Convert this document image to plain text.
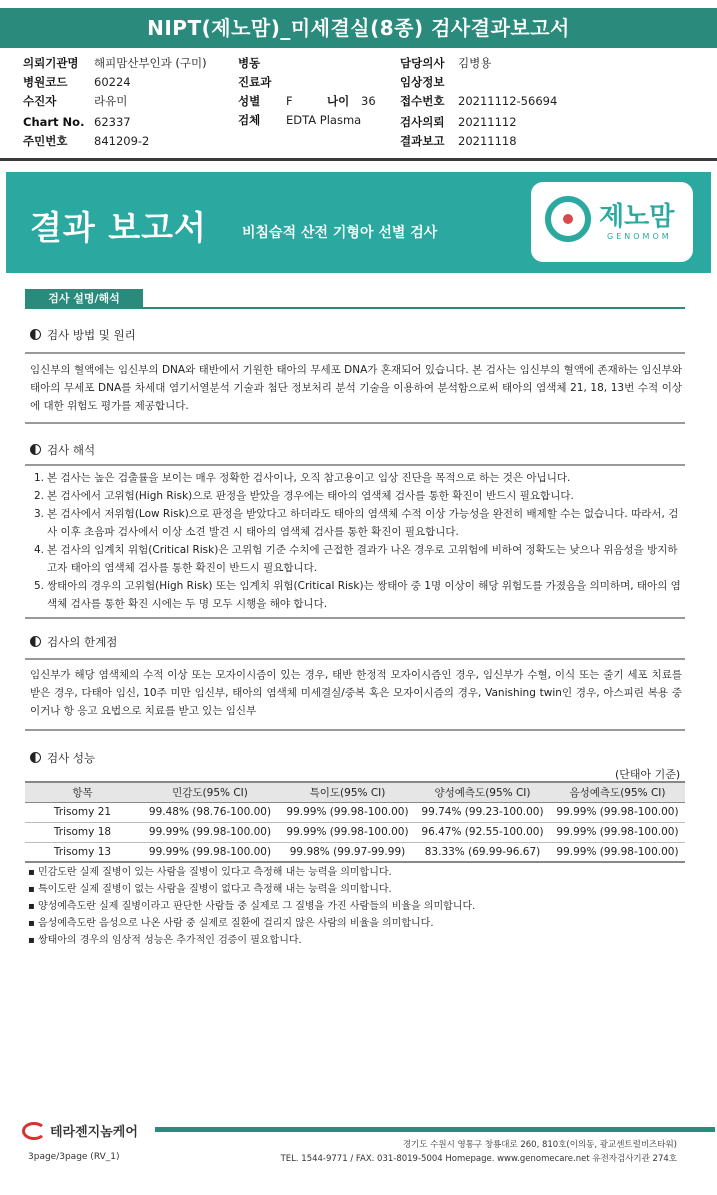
NIPT(제노맘)_미세결실(8종) 검사결과보고서
의뢰기관명 해피맘산부인과 (구미)
병원코드 60224
수진자	라유미
Chart No. 62337
주민번호 841209-2
병동
진료과
성별 F	나이 36
검체 EDTA Plasma
담당의사 김병용
임상정보
접수번호 20211112-56694
검사의뢰 20211112
결과보고 20211118
결과 보고서	비침습적 산전 기형아 선별 검사
제노맘
GENOMOM
검사 설명/해석
검사 방법 및 원리
임신부의 혈액에는 임신부의 DNA와 태반에서 기원한 태아의 무세포 DNA가 혼재되어 있습니다. 본 검사는 임신부의 혈액에 존재하는 임신부와 태아의 무세포 DNA를 차세대 염기서열분석 기술과 첨단 정보처리 분석 기술을 이용하여 분석함으로써 태아의 염색체 21, 18, 13번 수적 이상에 대한 위험도 평가를 제공합니다.
검사 해석
1. 본 검사는 높은 검출률을 보이는 매우 정확한 검사이나, 오직 참고용이고 임상 진단을 목적으로 하는 것은 아닙니다.
2. 본 검사에서 고위험(High Risk)으로 판정을 받았을 경우에는 태아의 염색체 검사를 통한 확진이 반드시 필요합니다.
3. 본 검사에서 저위험(Low Risk)으로 판정을 받았다고 하더라도 태아의 염색체 수적 이상 가능성을 완전히 배제할 수는 없습니다. 따라서, 검사 이후 초음파 검사에서 이상 소견 발견 시 태아의 염색체 검사를 통한 확진이 필요합니다.
4. 본 검사의 임계치 위험(Critical Risk)은 고위험 기준 수치에 근접한 결과가 나온 경우로 고위험에 비하여 정확도는 낮으나 위음성을 방지하고자 태아의 염색체 검사를 통한 확진이 반드시 필요합니다.
5. 쌍태아의 경우의 고위험(High Risk) 또는 임계치 위험(Critical Risk)는 쌍태아 중 1명 이상이 해당 위험도를 가졌음을 의미하며, 태아의 염색체 검사를 통한 확진 시에는 두 명 모두 시행을 해야 합니다.
검사의 한계점
임신부가 해당 염색체의 수적 이상 또는 모자이시즘이 있는 경우, 태반 한정적 모자이시즘인 경우, 임신부가 수혈, 이식 또는 줄기 세포 치료를 받은 경우, 다태아 임신, 10주 미만 임신부, 태아의 염색체 미세결실/중복 혹은 모자이시즘의 경우, Vanishing twin인 경우, 아스피린 복용 중이거나 항 응고 요법으로 치료를 받고 있는 임신부
검사 성능
(단태아 기준)
항목	민감도(95% CI)	특이도(95% CI)	양성예측도(95% CI)	음성예측도(95% CI)
Trisomy 21	99.48% (98.76-100.00)	99.99% (99.98-100.00)	99.74% (99.23-100.00)	99.99% (99.98-100.00)
Trisomy 18	99.99% (99.98-100.00)	99.99% (99.98-100.00)	96.47% (92.55-100.00)	99.99% (99.98-100.00)
Trisomy 13	99.99% (99.98-100.00)	99.98% (99.97-99.99)	83.33% (69.99-96.67)	99.99% (99.98-100.00)
▪ 민감도란 실제 질병이 있는 사람을 질병이 있다고 측정해 내는 능력을 의미합니다.
▪ 특이도란 실제 질병이 없는 사람을 질병이 없다고 측정해 내는 능력을 의미합니다.
▪ 양성예측도란 실제 질병이라고 판단한 사람들 중 실제로 그 질병을 가진 사람들의 비율을 의미합니다.
▪ 음성예측도란 음성으로 나온 사람 중 실제로 질환에 걸리지 않은 사람의 비율을 의미합니다.
▪ 쌍태아의 경우의 임상적 성능은 추가적인 검증이 필요합니다.
테라젠지놈케어
3page/3page (RV_1)
경기도 수원시 영통구 창룡대로 260, 810호(이의동, 광교센트럴비즈타워)
TEL. 1544-9771 / FAX. 031-8019-5004 Homepage. www.genomecare.net 유전자검사기관 274호
